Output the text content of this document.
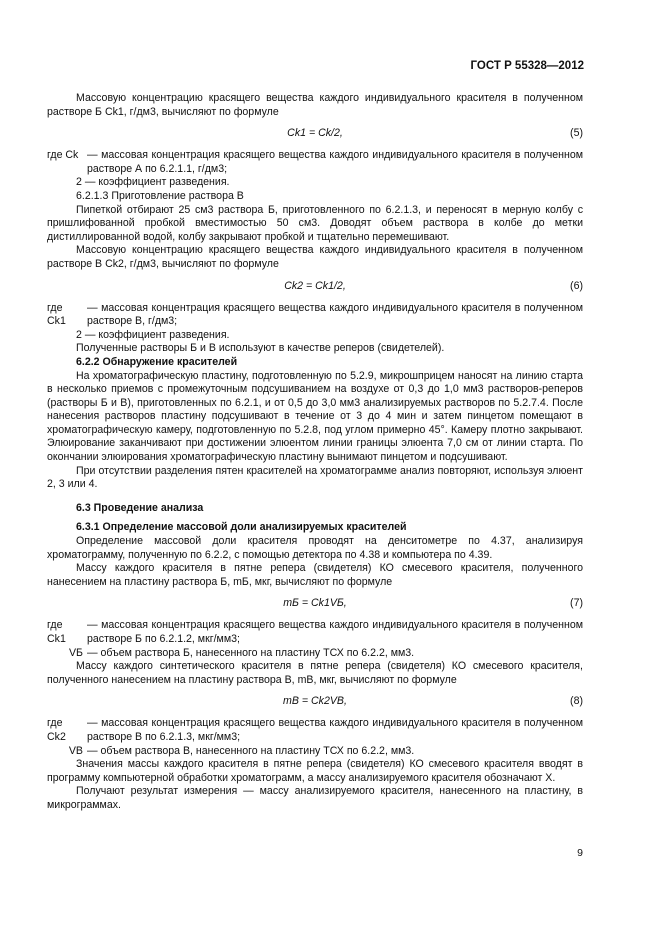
ГОСТ Р 55328—2012

Массовую концентрацию красящего вещества каждого индивидуального красителя в полученном растворе Б Ck1, г/дм3, вычисляют по формуле

Ck1 = Ck/2,	(5)
где Ck — массовая концентрация красящего вещества каждого индивидуального красителя в полученном растворе А по 6.2.1.1, г/дм3;
2 — коэффициент разведения.
6.2.1.3 Приготовление раствора В

Пипеткой отбирают 25 см3 раствора Б, приготовленного по 6.2.1.3, и переносят в мерную колбу с пришлифованной пробкой вместимостью 50 см3. Доводят объем раствора в колбе до метки дистиллированной водой, колбу закрывают пробкой и тщательно перемешивают.

Массовую концентрацию красящего вещества каждого индивидуального красителя в полученном растворе В Ck2, г/дм3, вычисляют по формуле

Ck2 = Ck1/2,	(6)
где Ck1
— массовая концентрация красящего вещества каждого индивидуального красителя в полученном растворе В, г/дм3;
2 — коэффициент разведения.

Полученные растворы Б и В используют в качестве реперов (свидетелей).

6.2.2 Обнаружение красителей

На хроматографическую пластину, подготовленную по 5.2.9, микрошприцем наносят на линию старта в несколько приемов с промежуточным подсушиванием на воздухе от 0,3 до 1,0 мм3 растворов-реперов (растворы Б и В), приготовленных по 6.2.1, и от 0,5 до 3,0 мм3 анализируемых растворов по 5.2.7.4. После нанесения растворов пластину подсушивают в течение от 3 до 4 мин и затем пинцетом помещают в хроматографическую камеру, подготовленную по 5.2.8, под углом примерно 45°. Камеру плотно закрывают. Элюирование заканчивают при достижении элюентом линии границы элюента 7,0 см от линии старта. По окончании элюирования хроматографическую пластину вынимают пинцетом и подсушивают.

При отсутствии разделения пятен красителей на хроматограмме анализ повторяют, используя элюент 2, 3 или 4.

6.3 Проведение анализа

6.3.1 Определение массовой доли анализируемых красителей

Определение массовой доли красителя проводят на денситометре по 4.37, анализируя хроматограмму, полученную по 6.2.2, с помощью детектора по 4.38 и компьютера по 4.39.

Массу каждого красителя в пятне репера (свидетеля) КО смесевого красителя, полученного нанесением на пластину раствора Б, mБ, мкг, вычисляют по формуле

mБ = Ck1VБ,	(7)
где Ck1
— массовая концентрация красящего вещества каждого индивидуального красителя в полученном растворе Б по 6.2.1.2, мкг/мм3;
VБ — объем раствора Б, нанесенного на пластину ТСХ по 6.2.2, мм3.

Массу каждого синтетического красителя в пятне репера (свидетеля) КО смесевого красителя, полученного нанесением на пластину раствора В, mВ, мкг, вычисляют по формуле

mВ = Ck2VВ,	(8)
где Ck2
— массовая концентрация красящего вещества каждого индивидуального красителя в полученном растворе В по 6.2.1.3, мкг/мм3;
VВ — объем раствора В, нанесенного на пластину ТСХ по 6.2.2, мм3.

Значения массы каждого красителя в пятне репера (свидетеля) КО смесевого красителя вводят в программу компьютерной обработки хроматограмм, а массу анализируемого красителя обозначают X.

Получают результат измерения — массу анализируемого красителя, нанесенного на пластину, в микрограммах.

9
